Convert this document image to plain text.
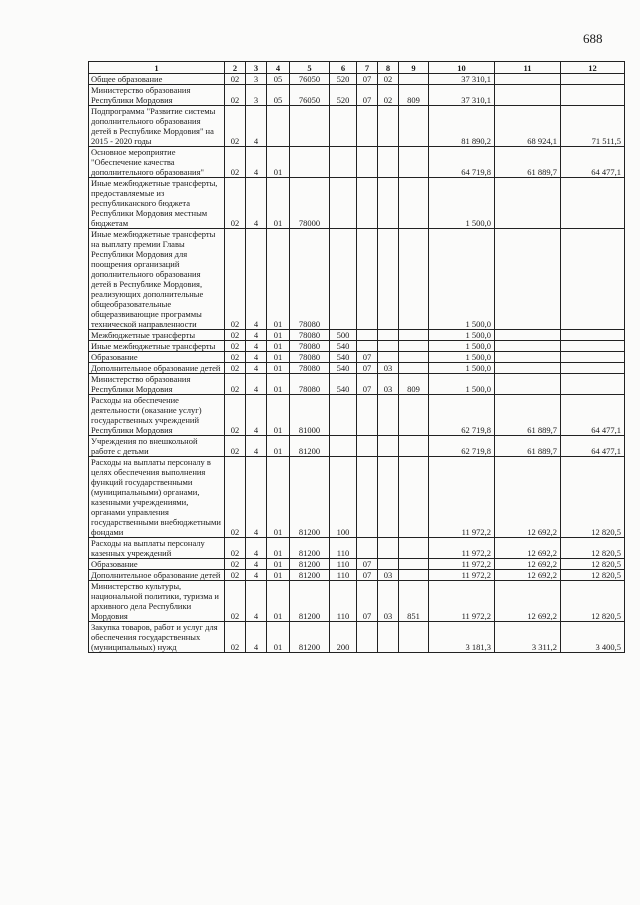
688
1	2	3	4	5	6	7	8	9	10	11	12
Общее образование	02	3	05	76050	520	07	02		37 310,1		
Министерство образования Республики Мордовия	02	3	05	76050	520	07	02	809	37 310,1		
Подпрограмма "Развитие системы дополнительного образования детей в Республике Мордовия" на 2015 - 2020 годы	02	4							81 890,2	68 924,1	71 511,5
Основное мероприятие "Обеспечение качества дополнительного образования"	02	4	01						64 719,8	61 889,7	64 477,1
Иные межбюджетные трансферты, предоставляемые из республиканского бюджета Республики Мордовия местным бюджетам	02	4	01	78000					1 500,0		
Иные межбюджетные трансферты на выплату премии Главы Республики Мордовия для поощрения организаций дополнительного образования детей в Республике Мордовия, реализующих дополнительные общеобразовательные общеразвивающие программы технической направленности	02	4	01	78080					1 500,0		
Межбюджетные трансферты	02	4	01	78080	500				1 500,0		
Иные межбюджетные трансферты	02	4	01	78080	540				1 500,0		
Образование	02	4	01	78080	540	07			1 500,0		
Дополнительное образование детей	02	4	01	78080	540	07	03		1 500,0		
Министерство образования Республики Мордовия	02	4	01	78080	540	07	03	809	1 500,0		
Расходы на обеспечение деятельности (оказание услуг) государственных учреждений Республики Мордовия	02	4	01	81000					62 719,8	61 889,7	64 477,1
Учреждения по внешкольной работе с детьми	02	4	01	81200					62 719,8	61 889,7	64 477,1
Расходы на выплаты персоналу в целях обеспечения выполнения функций государственными (муниципальными) органами, казенными учреждениями, органами управления государственными внебюджетными фондами	02	4	01	81200	100				11 972,2	12 692,2	12 820,5
Расходы на выплаты персоналу казенных учреждений	02	4	01	81200	110				11 972,2	12 692,2	12 820,5
Образование	02	4	01	81200	110	07			11 972,2	12 692,2	12 820,5
Дополнительное образование детей	02	4	01	81200	110	07	03		11 972,2	12 692,2	12 820,5
Министерство культуры, национальной политики, туризма и архивного дела Республики Мордовия	02	4	01	81200	110	07	03	851	11 972,2	12 692,2	12 820,5
Закупка товаров, работ и услуг для обеспечения государственных (муниципальных) нужд	02	4	01	81200	200				3 181,3	3 311,2	3 400,5
